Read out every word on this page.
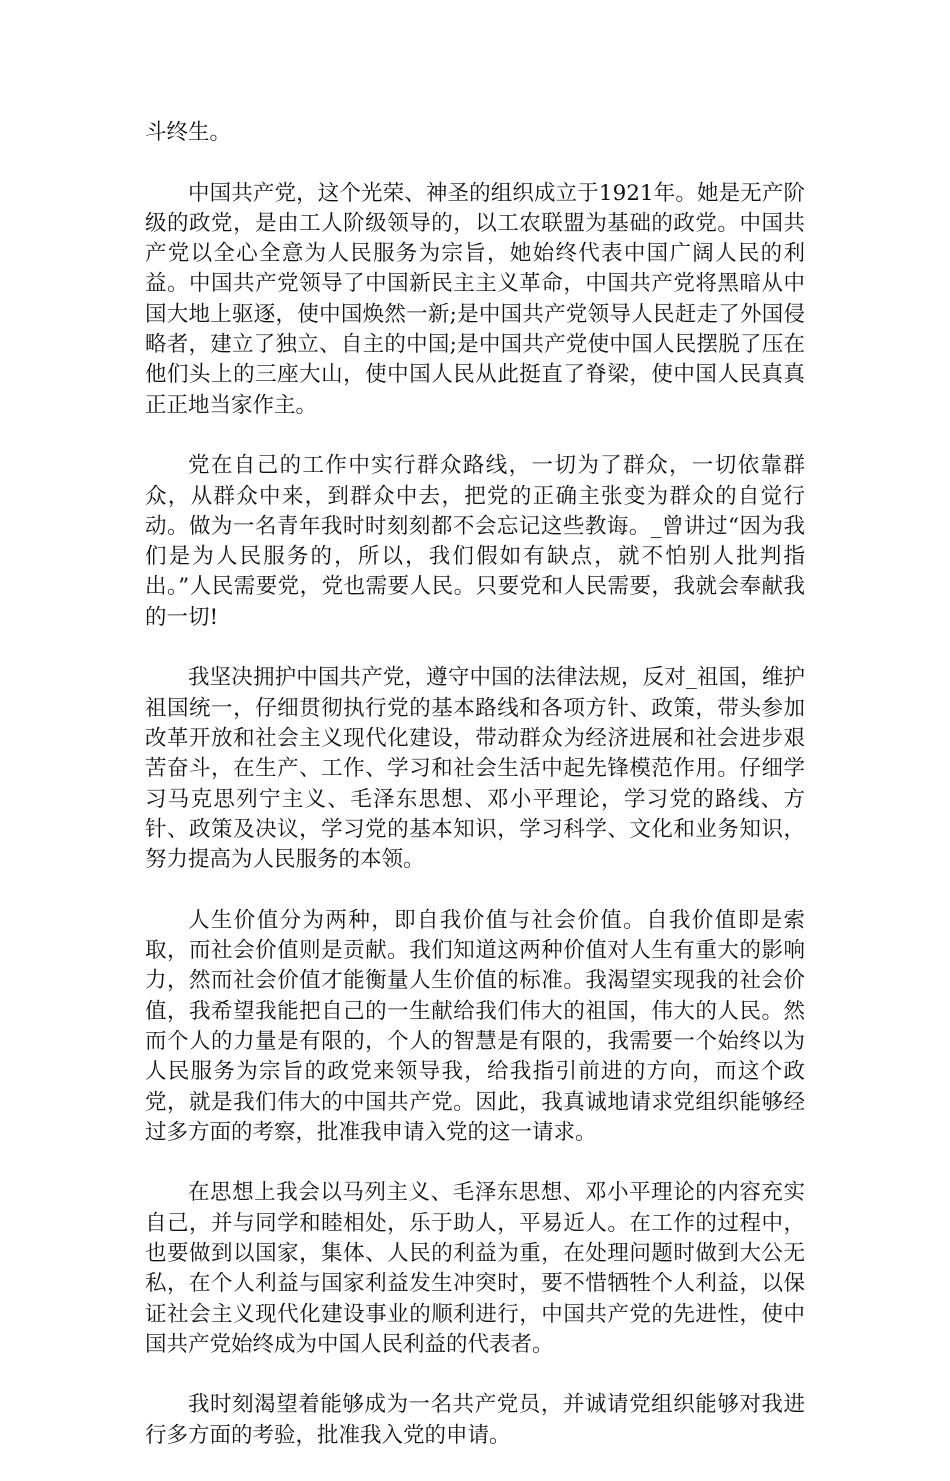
斗终生。

中国共产党，这个光荣、神圣的组织成立于1921年。她是无产阶级的政党，是由工人阶级领导的，以工农联盟为基础的政党。中国共产党以全心全意为人民服务为宗旨，她始终代表中国广阔人民的利益。中国共产党领导了中国新民主主义革命，中国共产党将黑暗从中国大地上驱逐，使中国焕然一新;是中国共产党领导人民赶走了外国侵略者，建立了独立、自主的中国;是中国共产党使中国人民摆脱了压在他们头上的三座大山，使中国人民从此挺直了脊梁，使中国人民真真正正地当家作主。

党在自己的工作中实行群众路线，一切为了群众，一切依靠群众，从群众中来，到群众中去，把党的正确主张变为群众的自觉行动。做为一名青年我时时刻刻都不会忘记这些教诲。_曾讲过“因为我们是为人民服务的，所以，我们假如有缺点，就不怕别人批判指出。”人民需要党，党也需要人民。只要党和人民需要，我就会奉献我的一切!

我坚决拥护中国共产党，遵守中国的法律法规，反对_祖国，维护祖国统一，仔细贯彻执行党的基本路线和各项方针、政策，带头参加改革开放和社会主义现代化建设，带动群众为经济进展和社会进步艰苦奋斗，在生产、工作、学习和社会生活中起先锋模范作用。仔细学习马克思列宁主义、毛泽东思想、邓小平理论，学习党的路线、方针、政策及决议，学习党的基本知识，学习科学、文化和业务知识，努力提高为人民服务的本领。

人生价值分为两种，即自我价值与社会价值。自我价值即是索取，而社会价值则是贡献。我们知道这两种价值对人生有重大的影响力，然而社会价值才能衡量人生价值的标准。我渴望实现我的社会价值，我希望我能把自己的一生献给我们伟大的祖国，伟大的人民。然而个人的力量是有限的，个人的智慧是有限的，我需要一个始终以为人民服务为宗旨的政党来领导我，给我指引前进的方向，而这个政党，就是我们伟大的中国共产党。因此，我真诚地请求党组织能够经过多方面的考察，批准我申请入党的这一请求。

在思想上我会以马列主义、毛泽东思想、邓小平理论的内容充实自己，并与同学和睦相处，乐于助人，平易近人。在工作的过程中，也要做到以国家，集体、人民的利益为重，在处理问题时做到大公无私，在个人利益与国家利益发生冲突时，要不惜牺牲个人利益，以保证社会主义现代化建设事业的顺利进行，中国共产党的先进性，使中国共产党始终成为中国人民利益的代表者。

我时刻渴望着能够成为一名共产党员，并诚请党组织能够对我进行多方面的考验，批准我入党的申请。
